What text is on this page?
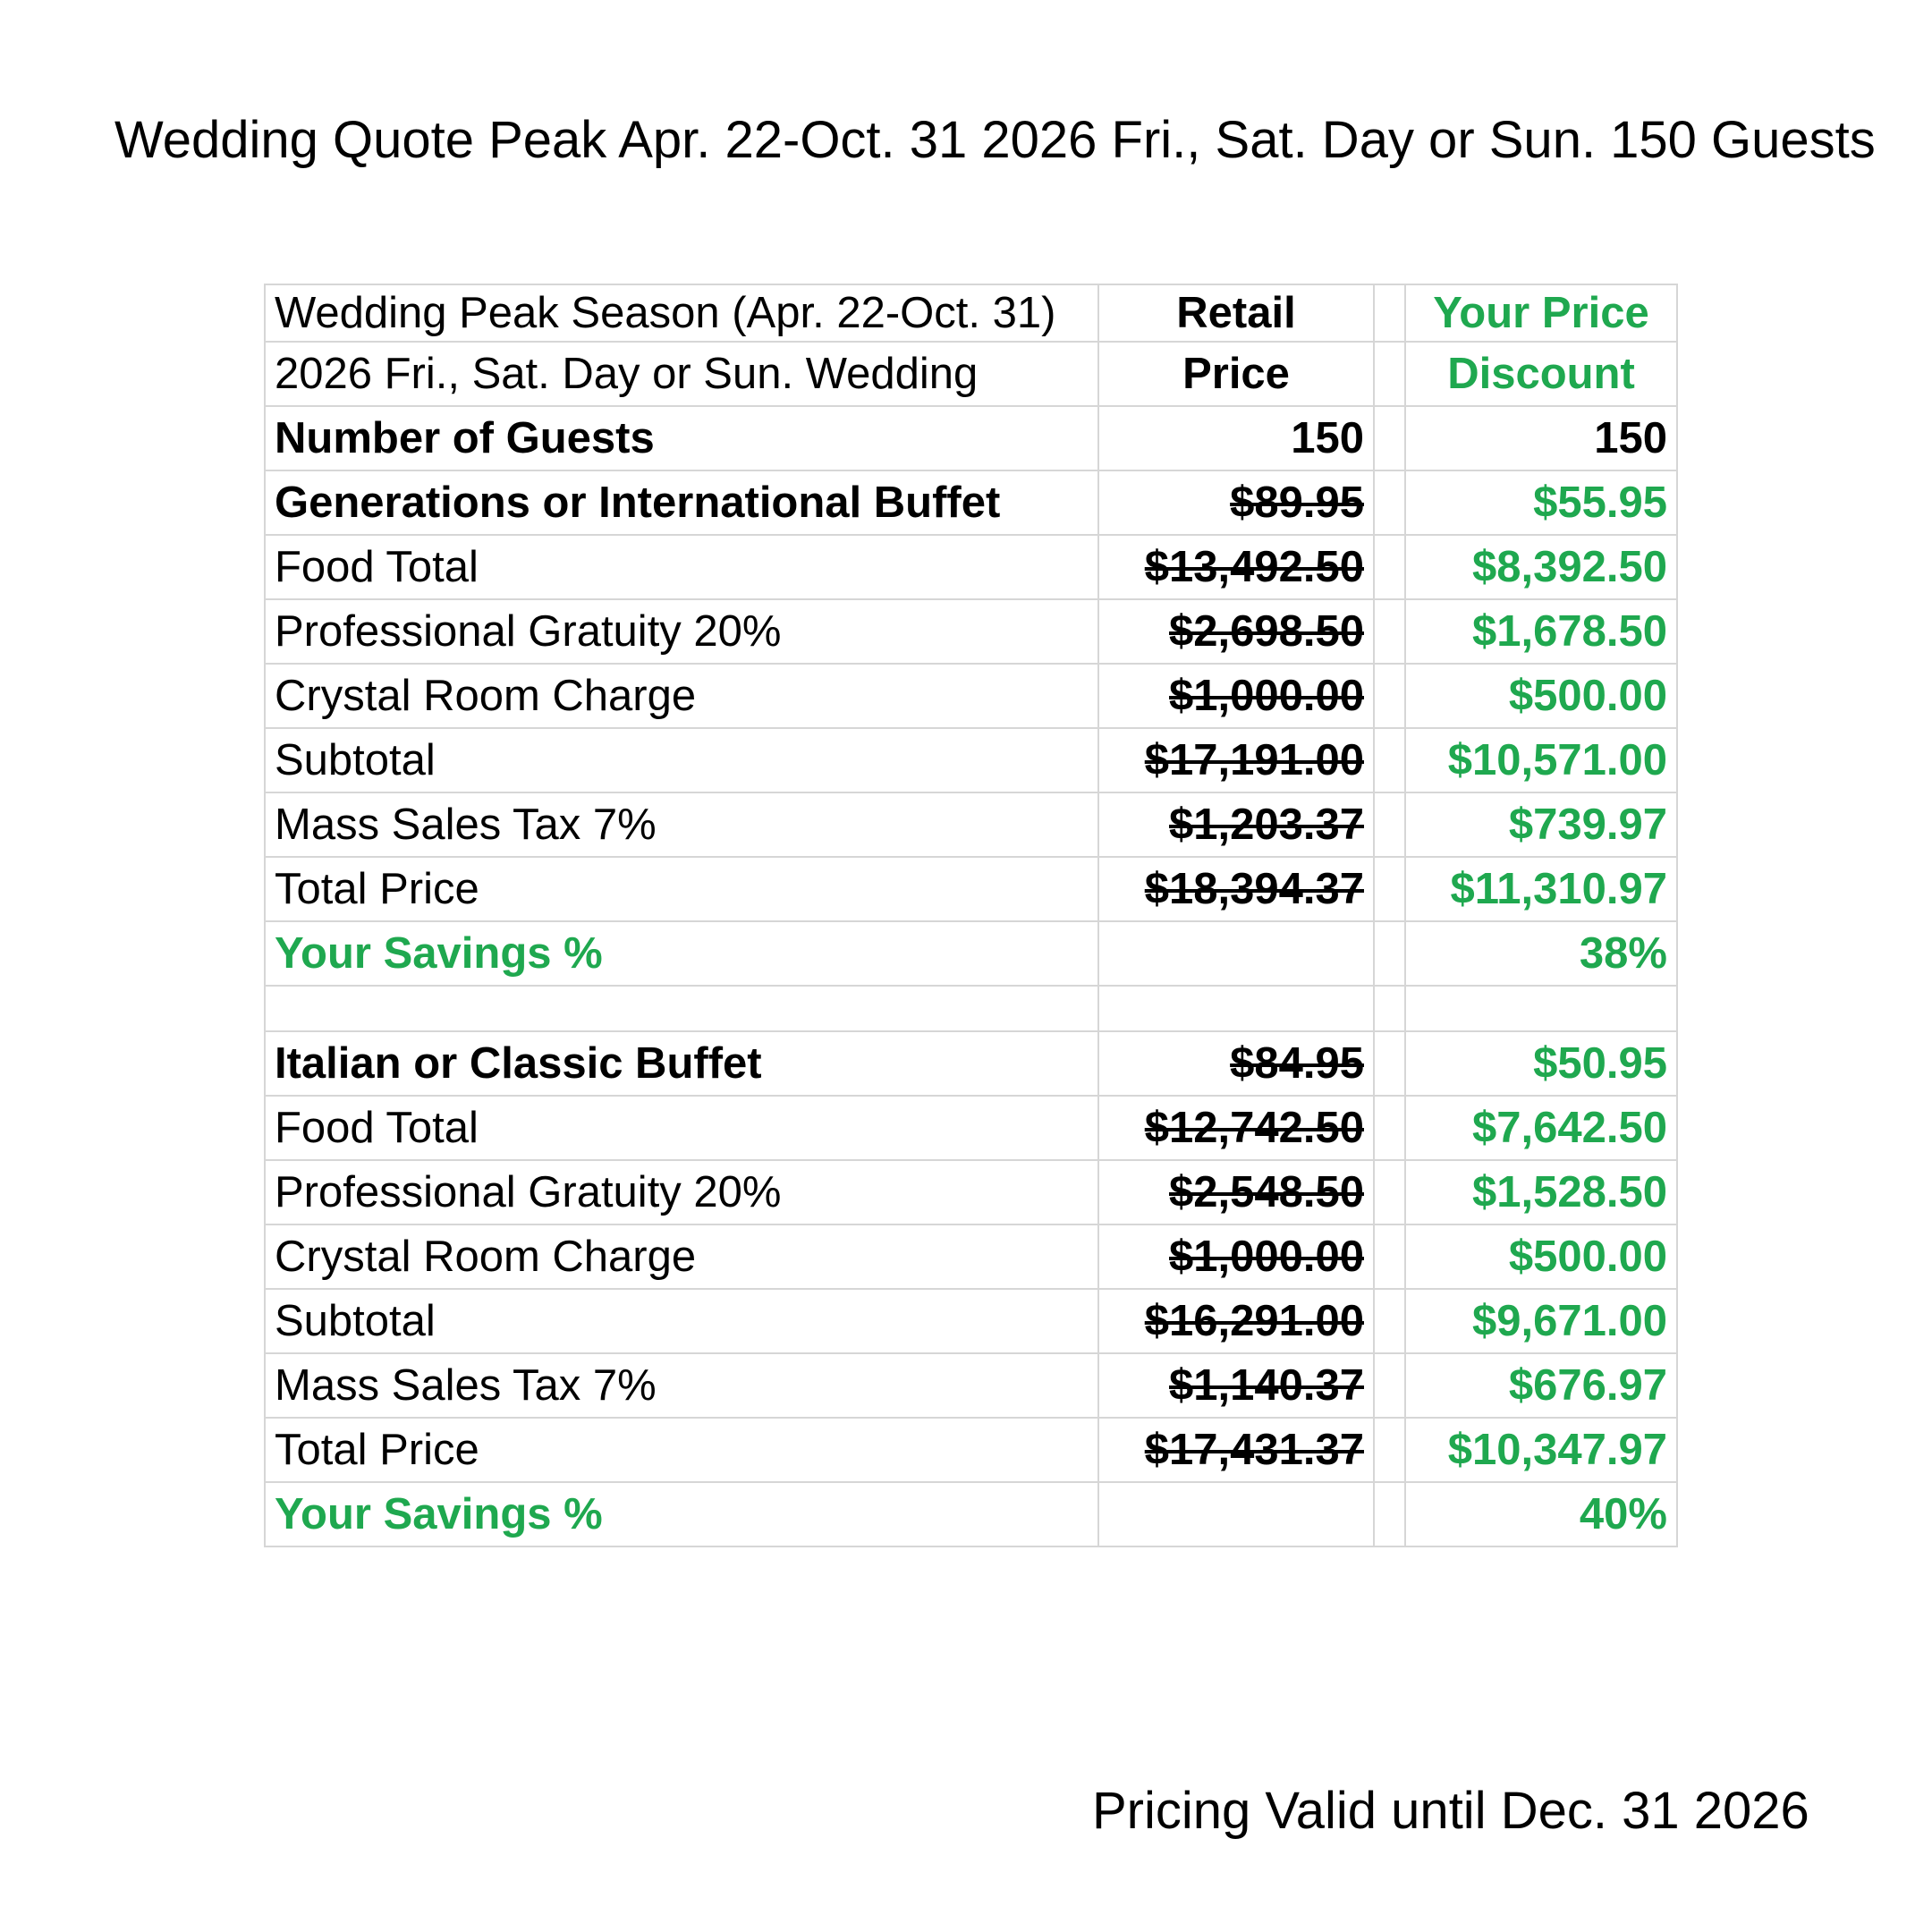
Wedding Quote Peak Apr. 22-Oct. 31 2026 Fri., Sat. Day or Sun. 150 Guests
Wedding Peak Season (Apr. 22-Oct. 31)	Retail		Your Price
2026 Fri., Sat. Day or Sun. Wedding	Price		Discount
Number of Guests	150		150
Generations or International Buffet	$89.95		$55.95
Food Total	$13,492.50		$8,392.50
Professional Gratuity 20%	$2,698.50		$1,678.50
Crystal Room Charge	$1,000.00		$500.00
Subtotal	$17,191.00		$10,571.00
Mass Sales Tax 7%	$1,203.37		$739.97
Total Price	$18,394.37		$11,310.97
Your Savings %			38%

Italian or Classic Buffet	$84.95		$50.95
Food Total	$12,742.50		$7,642.50
Professional Gratuity 20%	$2,548.50		$1,528.50
Crystal Room Charge	$1,000.00		$500.00
Subtotal	$16,291.00		$9,671.00
Mass Sales Tax 7%	$1,140.37		$676.97
Total Price	$17,431.37		$10,347.97
Your Savings %			40%
Pricing Valid until Dec. 31 2026
